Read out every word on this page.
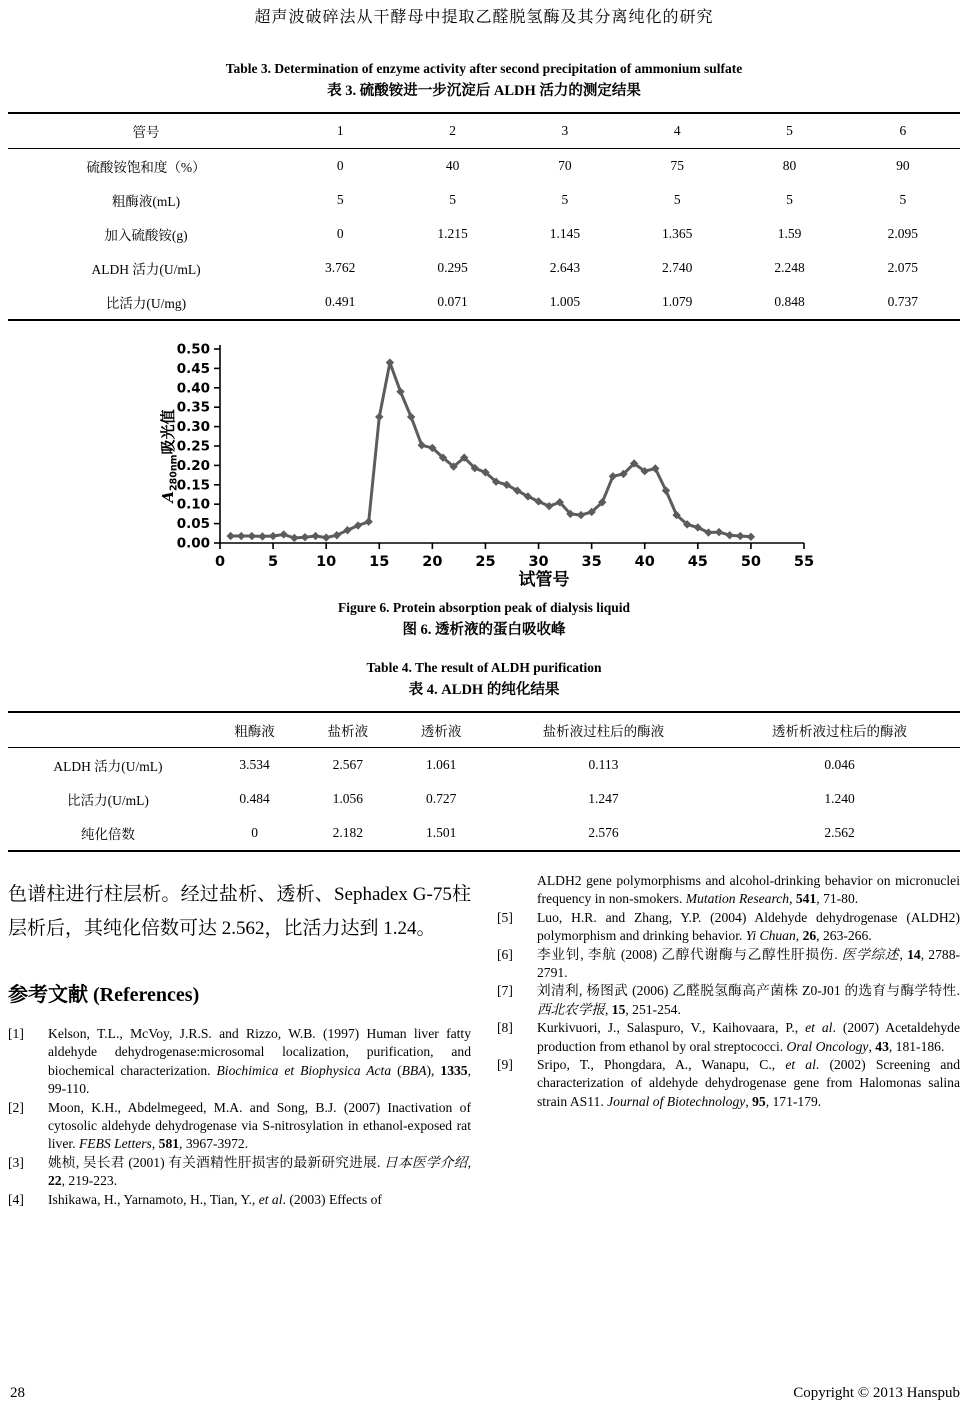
超声波破碎法从干酵母中提取乙醛脱氢酶及其分离纯化的研究
Table 3. Determination of enzyme activity after second precipitation of ammonium sulfate
表 3. 硫酸铵进一步沉淀后 ALDH 活力的测定结果
管号	1	2	3	4	5	6
硫酸铵饱和度（%）	0	40	70	75	80	90
粗酶液(mL)	5	5	5	5	5	5
加入硫酸铵(g)	0	1.215	1.145	1.365	1.59	2.095
ALDH 活力(U/mL)	3.762	0.295	2.643	2.740	2.248	2.075
比活力(U/mg)	0.491	0.071	1.005	1.079	0.848	0.737
0.00
0.05
0.10
0.15
0.20
0.25
0.30
0.35
0.40
0.45
0.50
0	5	10 15 20 25 30 35 40 45 50 55
试管号
$A_{280nm}$吸光值
Figure 6. Protein absorption peak of dialysis liquid
图 6. 透析液的蛋白吸收峰
Table 4. The result of ALDH purification
表 4. ALDH 的纯化结果
	粗酶液	盐析液	透析液	盐析液过柱后的酶液	透析析液过柱后的酶液
ALDH 活力(U/mL)	3.534	2.567	1.061	0.113	0.046
比活力(U/mL)	0.484	1.056	0.727	1.247	1.240
纯化倍数	0	2.182	1.501	2.576	2.562

色谱柱进行柱层析。经过盐析、透析、Sephadex G-75柱层析后，其纯化倍数可达 2.562，比活力达到 1.24。

参考文献 (References)
[1] Kelson, T.L., McVoy, J.R.S. and Rizzo, W.B. (1997) Human liver fatty aldehyde dehydrogenase:microsomal localization, purification, and biochemical characterization. Biochimica et Biophysica Acta (BBA), 1335, 99-110.
[2] Moon, K.H., Abdelmegeed, M.A. and Song, B.J. (2007) Inactivation of cytosolic aldehyde dehydrogenase via S-nitrosylation in ethanol-exposed rat liver. FEBS Letters, 581, 3967-3972.
[3] 姚桢, 吴长君 (2001) 有关酒精性肝损害的最新研究进展. 日本医学介绍, 22, 219-223.
[4] Ishikawa, H., Yarnamoto, H., Tian, Y., et al. (2003) Effects of

ALDH2 gene polymorphisms and alcohol-drinking behavior on micronuclei frequency in non-smokers. Mutation Research, 541, 71-80.

[5] Luo, H.R. and Zhang, Y.P. (2004) Aldehyde dehydrogenase (ALDH2) polymorphism and drinking behavior. Yi Chuan, 26, 263-266.
[6] 李业钊, 李航 (2008) 乙醇代谢酶与乙醇性肝损伤. 医学综述, 14, 2788-2791.
[7] 刘清利, 杨图武 (2006) 乙醛脱氢酶高产菌株 Z0-J01 的选育与酶学特性. 西北农学报, 15, 251-254.
[8] Kurkivuori, J., Salaspuro, V., Kaihovaara, P., et al. (2007) Acetaldehyde production from ethanol by oral streptococci. Oral Oncology, 43, 181-186.
[9] Sripo, T., Phongdara, A., Wanapu, C., et al. (2002) Screening and characterization of aldehyde dehydrogenase gene from Halomonas salina strain AS11. Journal of Biotechnology, 95, 171-179.
28	Copyright © 2013 Hanspub
